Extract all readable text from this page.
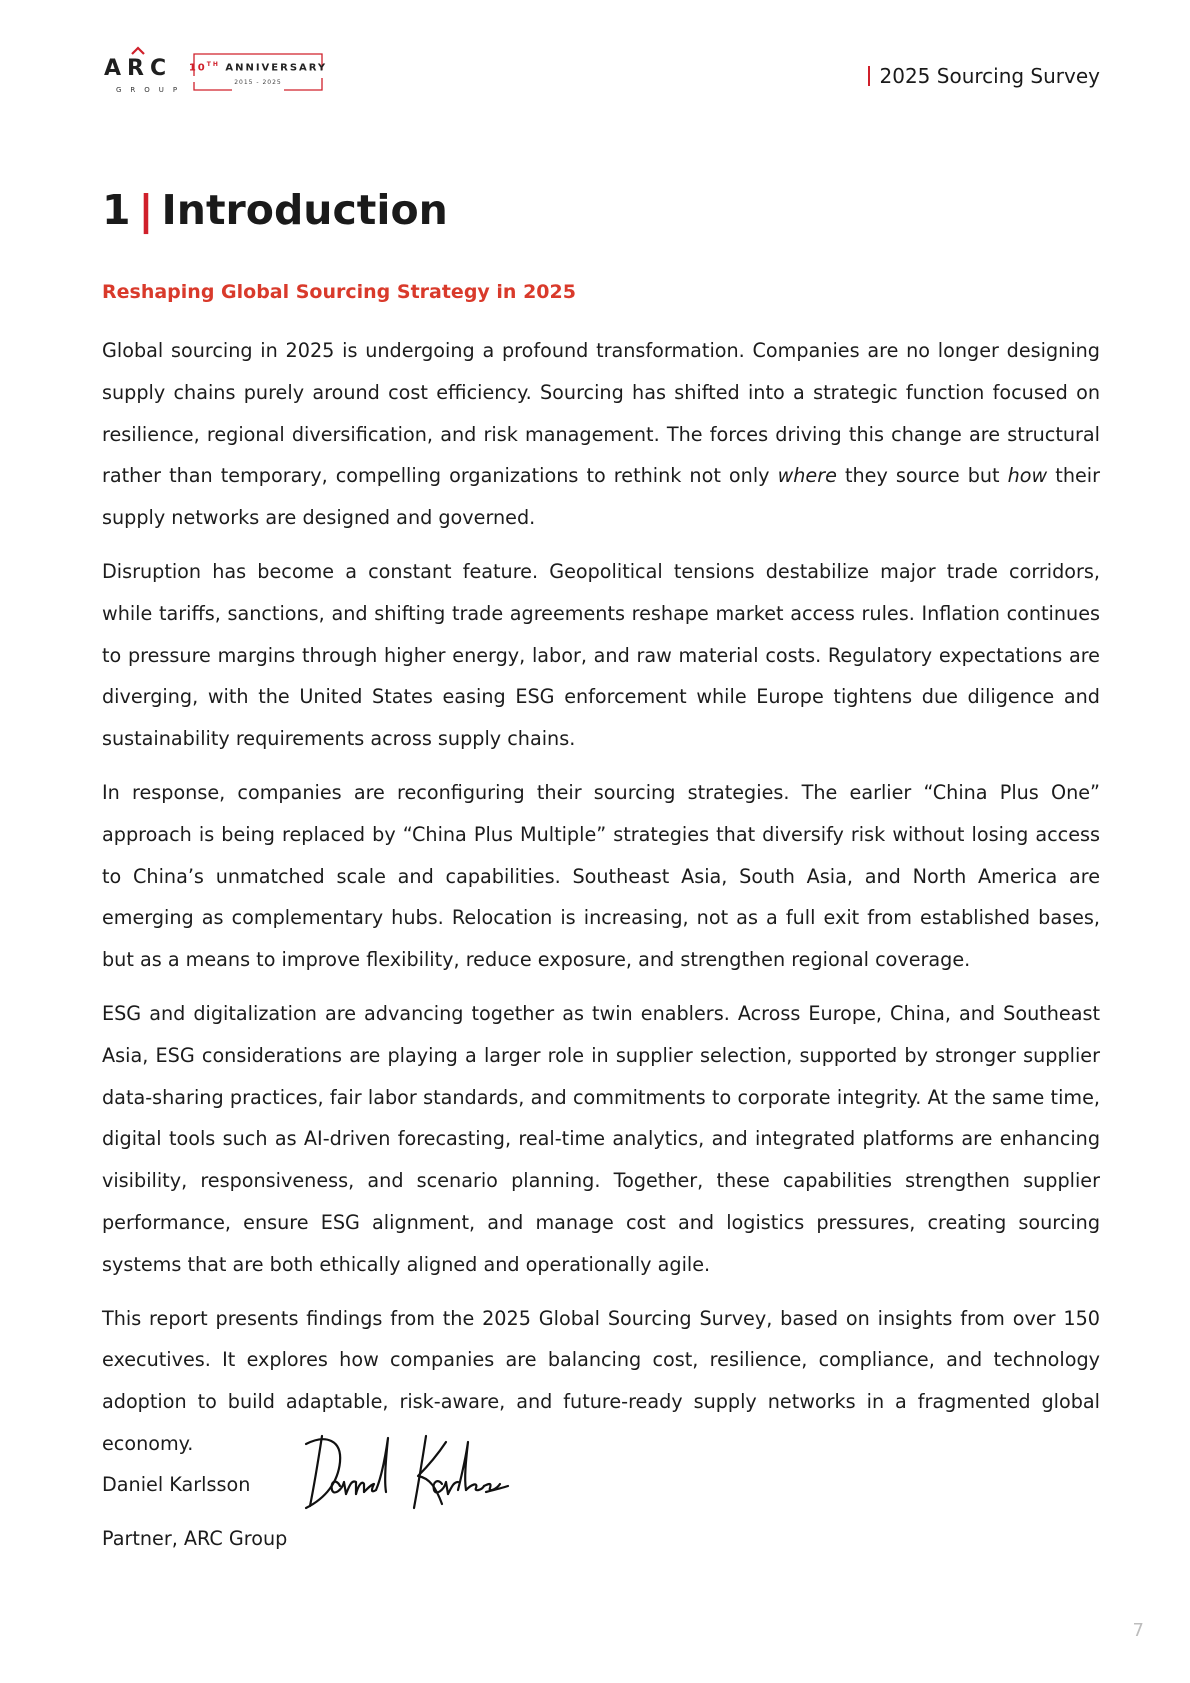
ARC
GROUP
10TH ANNIVERSARY
2015 - 2025	2025 Sourcing Survey
1 | Introduction
Reshaping Global Sourcing Strategy in 2025

Global sourcing in 2025 is undergoing a profound transformation. Companies are no longer designing supply chains purely around cost efficiency. Sourcing has shifted into a strategic function focused on resilience, regional diversification, and risk management. The forces driving this change are structural rather than temporary, compelling organizations to rethink not only where they source but how their supply networks are designed and governed.

Disruption has become a constant feature. Geopolitical tensions destabilize major trade corridors, while tariffs, sanctions, and shifting trade agreements reshape market access rules. Inflation continues to pressure margins through higher energy, labor, and raw material costs. Regulatory expectations are diverging, with the United States easing ESG enforcement while Europe tightens due diligence and sustainability requirements across supply chains.

In response, companies are reconfiguring their sourcing strategies. The earlier “China Plus One” approach is being replaced by “China Plus Multiple” strategies that diversify risk without losing access to China’s unmatched scale and capabilities. Southeast Asia, South Asia, and North America are emerging as complementary hubs. Relocation is increasing, not as a full exit from established bases, but as a means to improve flexibility, reduce exposure, and strengthen regional coverage.

ESG and digitalization are advancing together as twin enablers. Across Europe, China, and Southeast Asia, ESG considerations are playing a larger role in supplier selection, supported by stronger supplier data-sharing practices, fair labor standards, and commitments to corporate integrity. At the same time, digital tools such as AI-driven forecasting, real-time analytics, and integrated platforms are enhancing visibility, responsiveness, and scenario planning. Together, these capabilities strengthen supplier performance, ensure ESG alignment, and manage cost and logistics pressures, creating sourcing systems that are both ethically aligned and operationally agile.

This report presents findings from the 2025 Global Sourcing Survey, based on insights from over 150 executives. It explores how companies are balancing cost, resilience, compliance, and technology adoption to build adaptable, risk-aware, and future-ready supply networks in a fragmented global economy.

Daniel Karlsson
Partner, ARC Group
7
